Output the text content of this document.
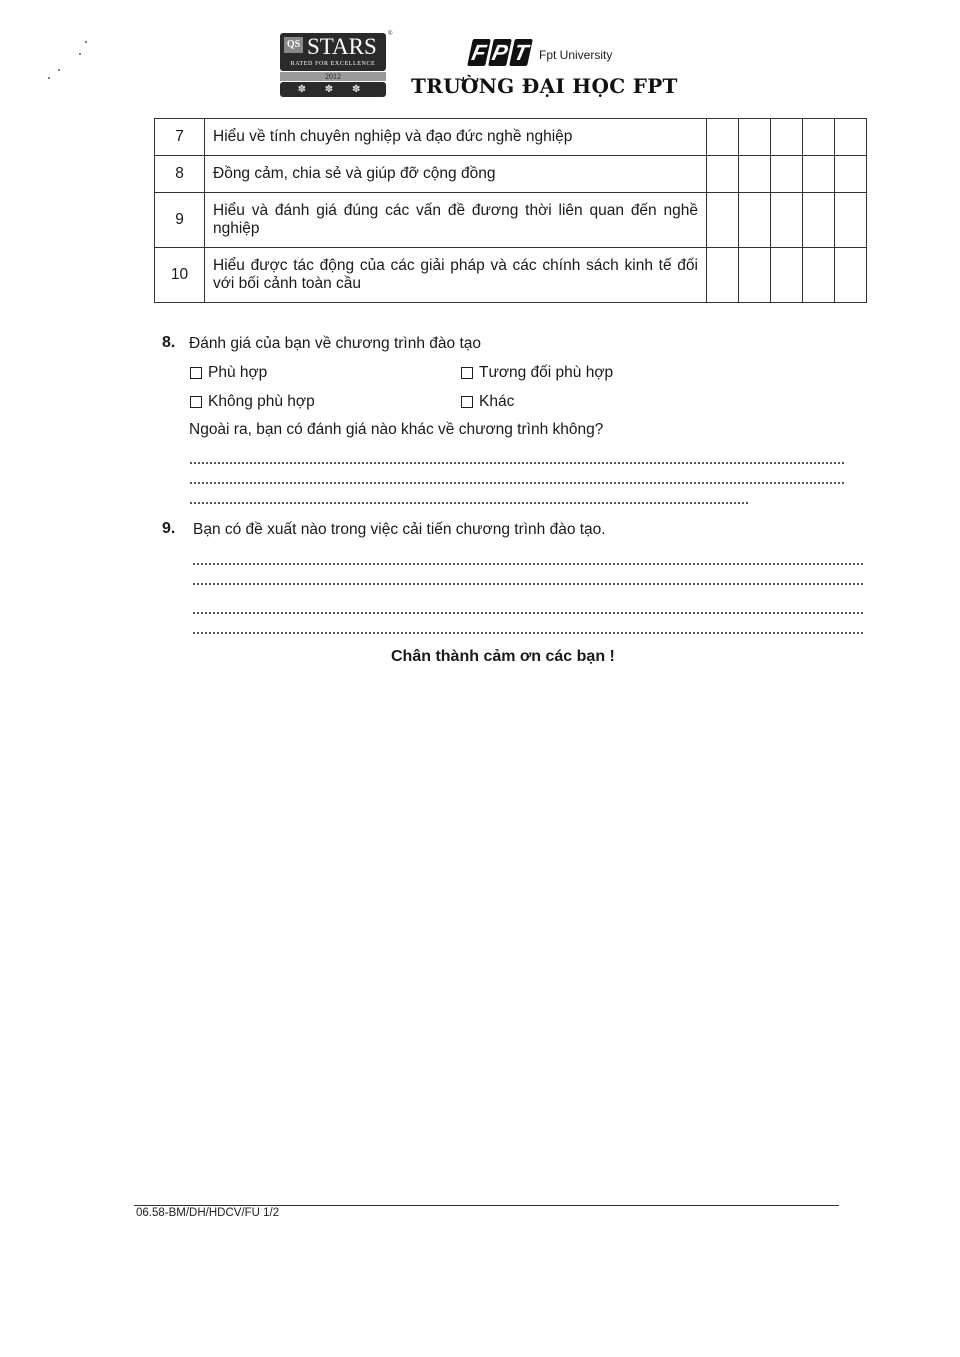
QS STARS
RATED FOR EXCELLENCE
2012
✽ ✽ ✽
®
F P T Fpt University
TRƯỜNG ĐẠI HỌC FPT
7	Hiểu về tính chuyên nghiệp và đạo đức nghề nghiệp					
8	Đồng cảm, chia sẻ và giúp đỡ cộng đồng					
9	Hiểu và đánh giá đúng các vấn đề đương thời liên quan đến nghề nghiệp					
10	Hiểu được tác động của các giải pháp và các chính sách kinh tế đối với bối cảnh toàn cầu					
8. Đánh giá của bạn về chương trình đào tạo
Phù hợp	Tương đối phù hợp
Không phù hợp	Khác
Ngoài ra, bạn có đánh giá nào khác về chương trình không?
9. Bạn có đề xuất nào trong việc cải tiến chương trình đào tạo.
Chân thành cảm ơn các bạn !
06.58-BM/DH/HDCV/FU 1/2
